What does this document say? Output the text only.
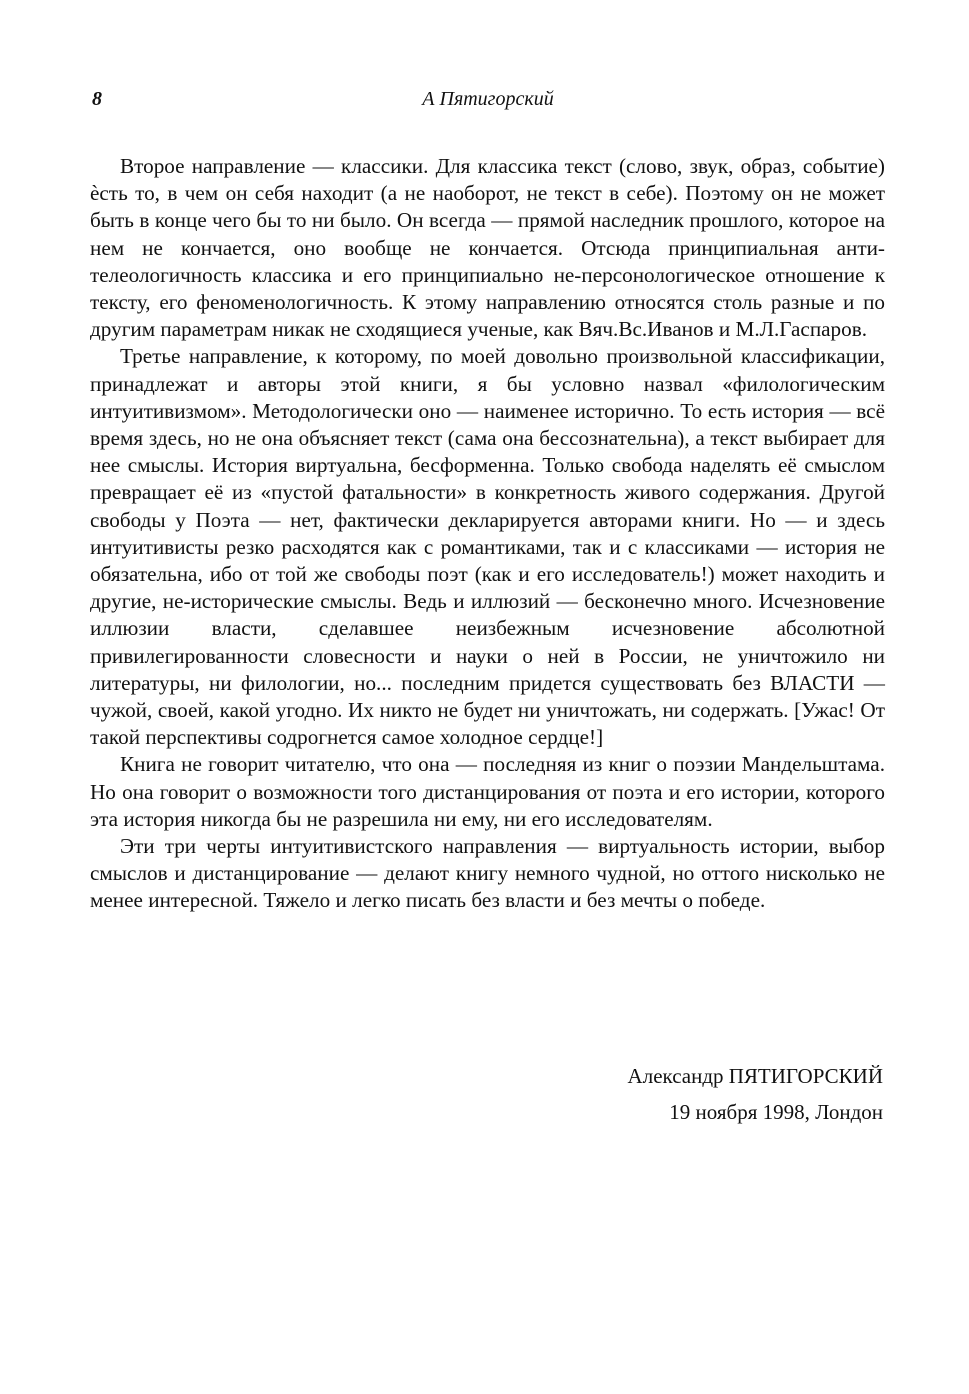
8	А Пятигорский

Второе направление — классики. Для классика текст (слово, звук, образ, событие) ѐсть то, в чем он себя находит (а не наоборот, не текст в себе). Поэтому он не может быть в конце чего бы то ни было. Он всегда — прямой наследник прошлого, которое на нем не кончается, оно вообще не кончается. Отсюда принципиальная анти-телеологичность классика и его принципиально не-персонологическое отношение к тексту, его феноменологичность. К этому направлению относятся столь разные и по другим параметрам никак не сходящиеся ученые, как Вяч.Вс.Иванов и М.Л.Гаспаров.

Третье направление, к которому, по моей довольно произвольной классификации, принадлежат и авторы этой книги, я бы условно назвал «филологическим интуитивизмом». Методологически оно — наименее исторично. То есть история — всё время здесь, но не она объясняет текст (сама она бессознательна), а текст выбирает для нее смыслы. История виртуальна, бесформенна. Только свобода наделять её смыслом превращает её из «пустой фатальности» в конкретность живого содержания. Другой свободы у Поэта — нет, фактически декларируется авторами книги. Но — и здесь интуитивисты резко расходятся как с романтиками, так и с классиками — история не обязательна, ибо от той же свободы поэт (как и его исследователь!) может находить и другие, не-исторические смыслы. Ведь и иллюзий — бесконечно много. Исчезновение иллюзии власти, сделавшее неизбежным исчезновение абсолютной привилегированности словесности и науки о ней в России, не уничтожило ни литературы, ни филологии, но... последним придется существовать без ВЛАСТИ — чужой, своей, какой угодно. Их никто не будет ни уничтожать, ни содержать. [Ужас! От такой перспективы содрогнется самое холодное сердце!]

Книга не говорит читателю, что она — последняя из книг о поэзии Мандельштама. Но она говорит о возможности того дистанцирования от поэта и его истории, которого эта история никогда бы не разрешила ни ему, ни его исследователям.

Эти три черты интуитивистского направления — виртуальность истории, выбор смыслов и дистанцирование — делают книгу немного чудной, но оттого нисколько не менее интересной. Тяжело и легко писать без власти и без мечты о победе.

Александр ПЯТИГОРСКИЙ
19 ноября 1998, Лондон
